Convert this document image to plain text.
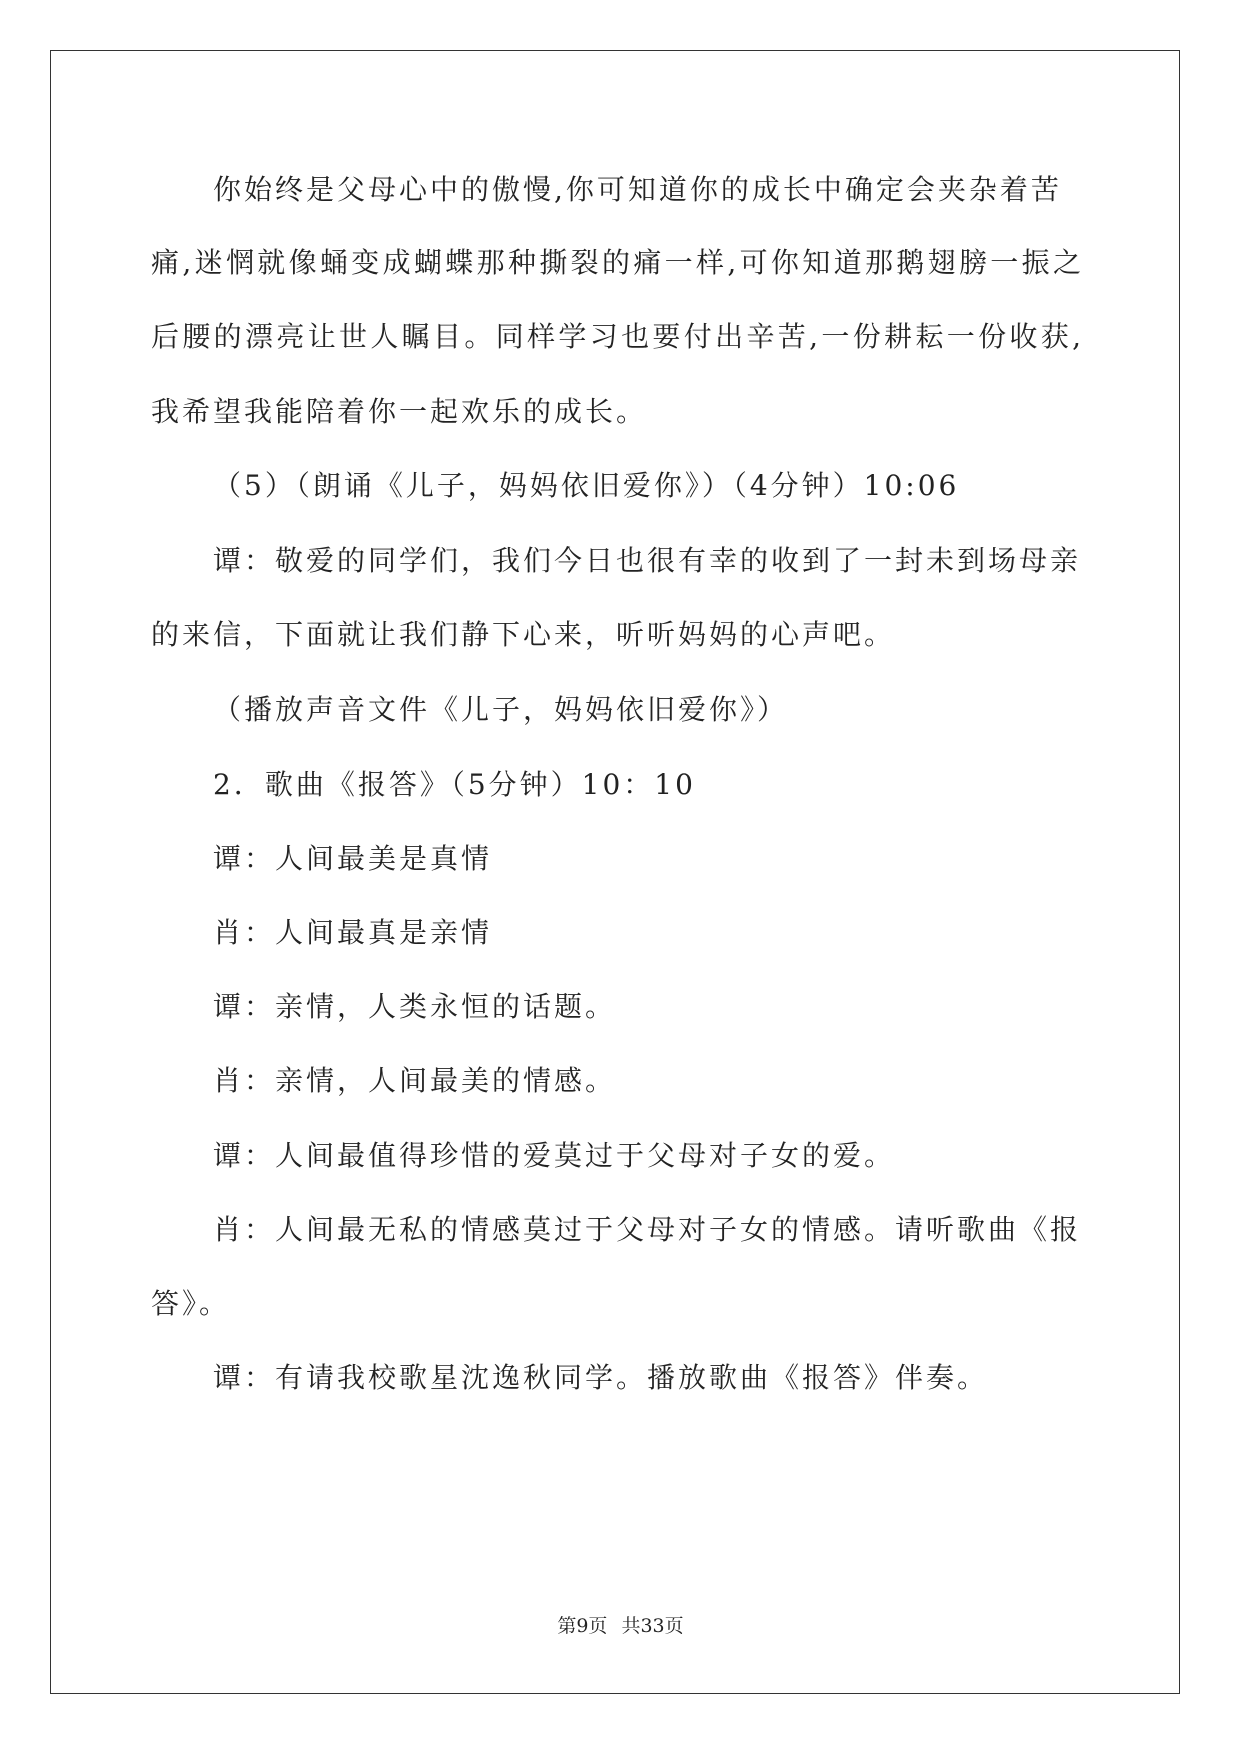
你始终是父母心中的傲慢,你可知道你的成长中确定会夹杂着苦
痛,迷惘就像蛹变成蝴蝶那种撕裂的痛一样,可你知道那鹅翅膀一振之
后腰的漂亮让世人瞩目。同样学习也要付出辛苦,一份耕耘一份收获,
我希望我能陪着你一起欢乐的成长。
（5）（朗诵《儿子，妈妈依旧爱你》）（4分钟）10:06
谭：敬爱的同学们，我们今日也很有幸的收到了一封未到场母亲
的来信，下面就让我们静下心来，听听妈妈的心声吧。
（播放声音文件《儿子，妈妈依旧爱你》）
2．歌曲《报答》（5分钟）10：10
谭：人间最美是真情
肖：人间最真是亲情
谭：亲情，人类永恒的话题。
肖：亲情，人间最美的情感。
谭：人间最值得珍惜的爱莫过于父母对子女的爱。
肖：人间最无私的情感莫过于父母对子女的情感。请听歌曲《报
答》。
谭：有请我校歌星沈逸秋同学。播放歌曲《报答》伴奏。
第9页 共33页
